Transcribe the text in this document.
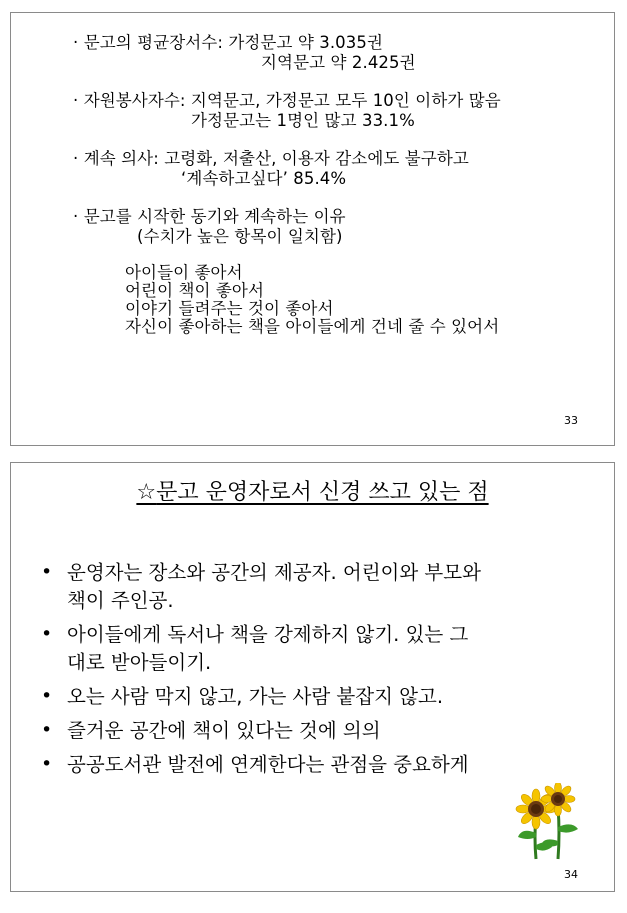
· 문고의 평균장서수: 가정문고 약 3.035권
지역문고 약 2.425권
· 자원봉사자수: 지역문고, 가정문고 모두 10인 이하가 많음
가정문고는 1명인 많고 33.1%
· 계속 의사: 고령화, 저출산, 이용자 감소에도 불구하고
‘계속하고싶다’ 85.4%
· 문고를 시작한 동기와 계속하는 이유
(수치가 높은 항목이 일치함)
아이들이 좋아서
어린이 책이 좋아서
이야기 들려주는 것이 좋아서
자신이 좋아하는 책을 아이들에게 건네 줄 수 있어서
33
☆문고 운영자로서 신경 쓰고 있는 점
• 운영자는 장소와 공간의 제공자. 어린이와 부모와
책이 주인공.
• 아이들에게 독서나 책을 강제하지 않기. 있는 그
대로 받아들이기.
• 오는 사람 막지 않고, 가는 사람 붙잡지 않고.
• 즐거운 공간에 책이 있다는 것에 의의
• 공공도서관 발전에 연계한다는 관점을 중요하게
34
